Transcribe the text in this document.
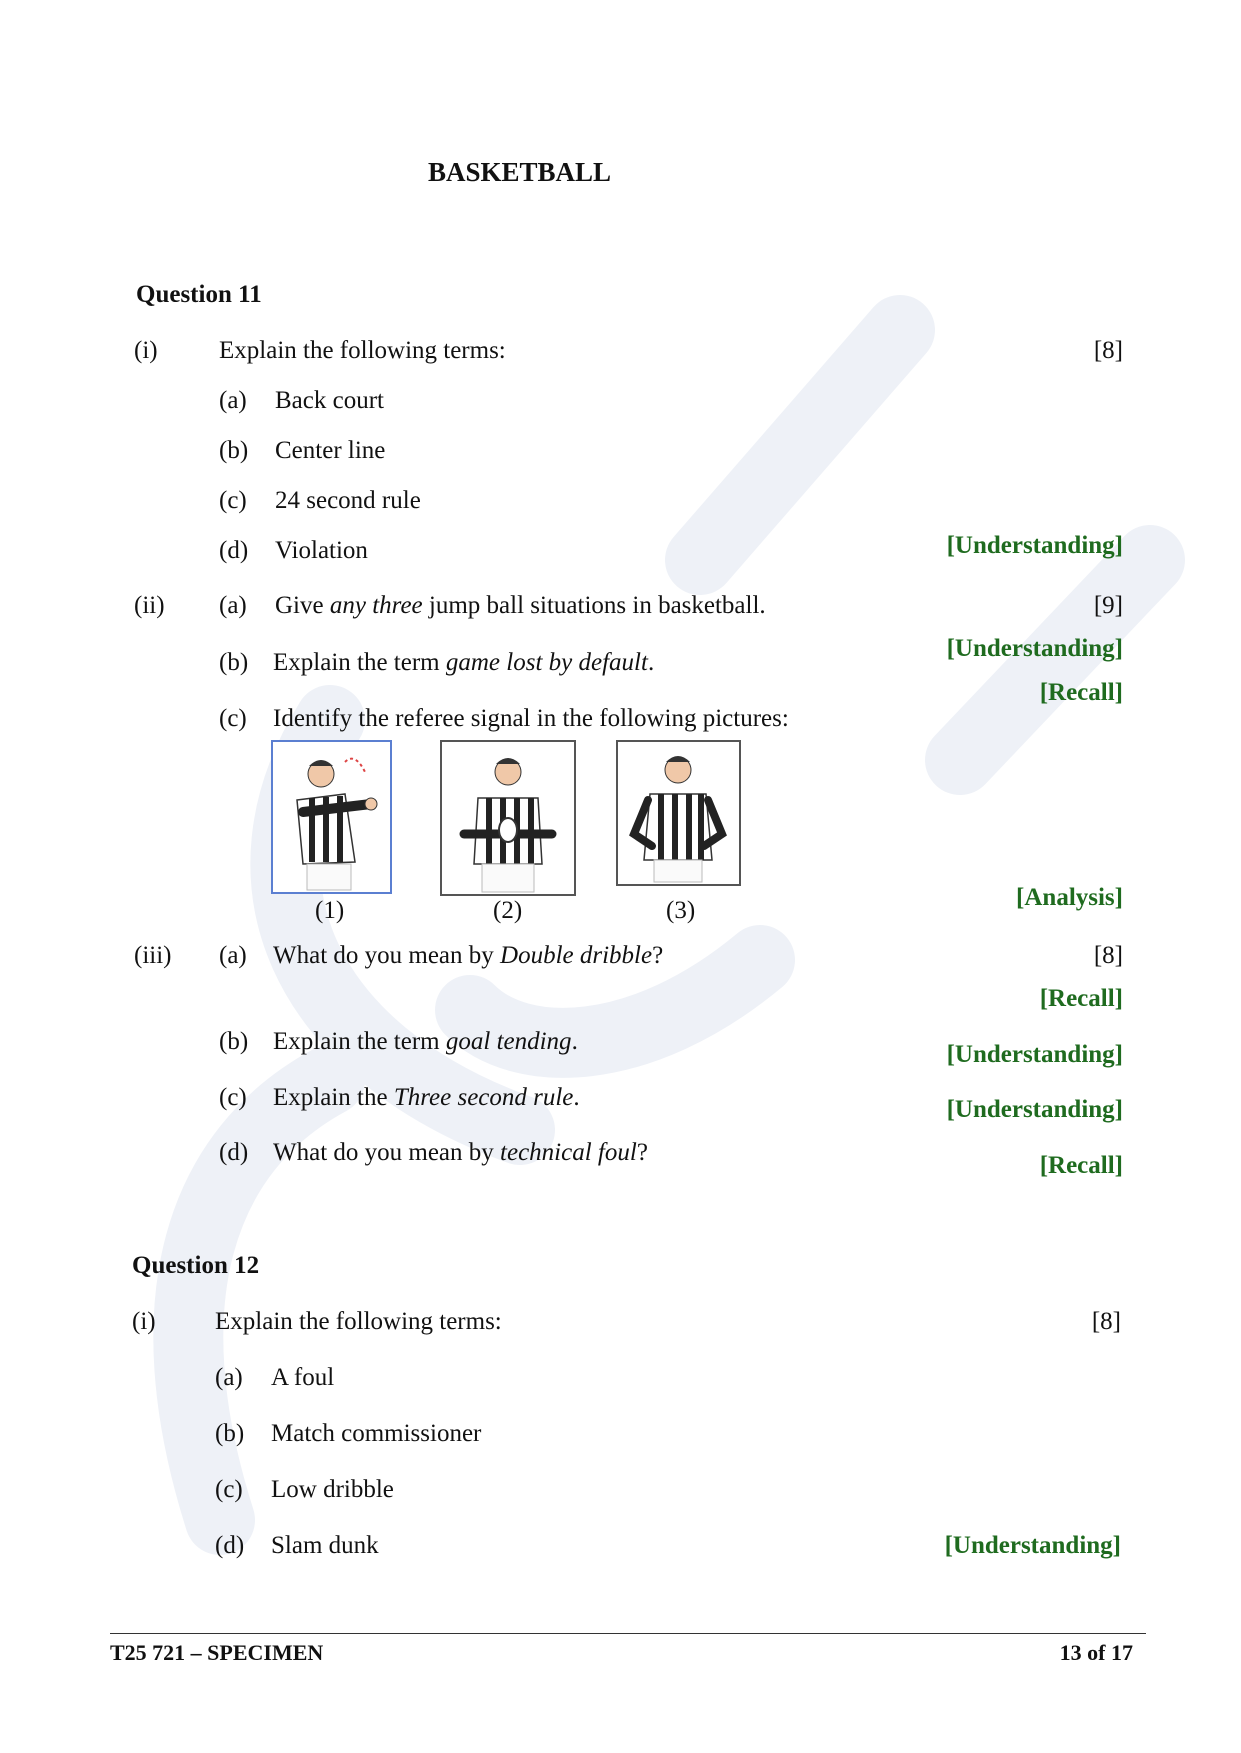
BASKETBALL
Question 11
(i) Explain the following terms:	[8]
(a) Back court
(b) Center line
(c) 24 second rule
(d) Violation	[Understanding]
(ii) (a) Give any three jump ball situations in basketball.	[9]
[Understanding]
(b) Explain the term game lost by default.
[Recall]
(c) Identify the referee signal in the following pictures:
(1)	(2)	(3)	[Analysis]
(iii) (a) What do you mean by Double dribble?	[8]
[Recall]
(b) Explain the term goal tending.	[Understanding]
(c) Explain the Three second rule.	[Understanding]
(d) What do you mean by technical foul?	[Recall]
Question 12
(i) Explain the following terms:	[8]
(a) A foul
(b) Match commissioner
(c) Low dribble
(d) Slam dunk	[Understanding]
T25 721 – SPECIMEN	13 of 17
